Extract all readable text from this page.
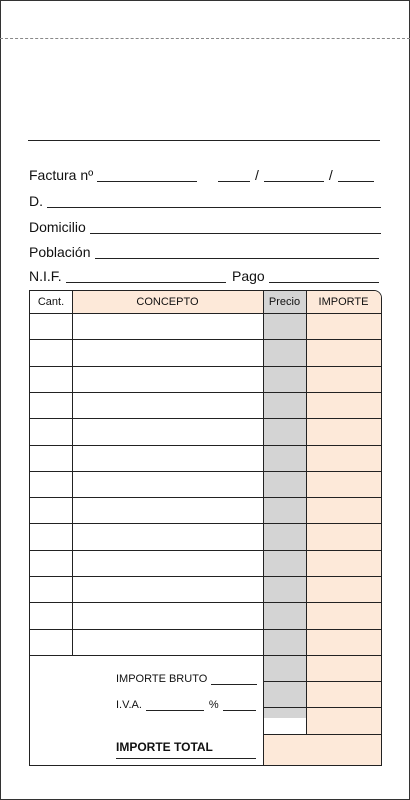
Factura nº	/	/
D.
Domicilio
Población
N.I.F.	Pago
Cant.	CONCEPTO	Precio	IMPORTE
IMPORTE BRUTO
I.V.A.	%
IMPORTE TOTAL
